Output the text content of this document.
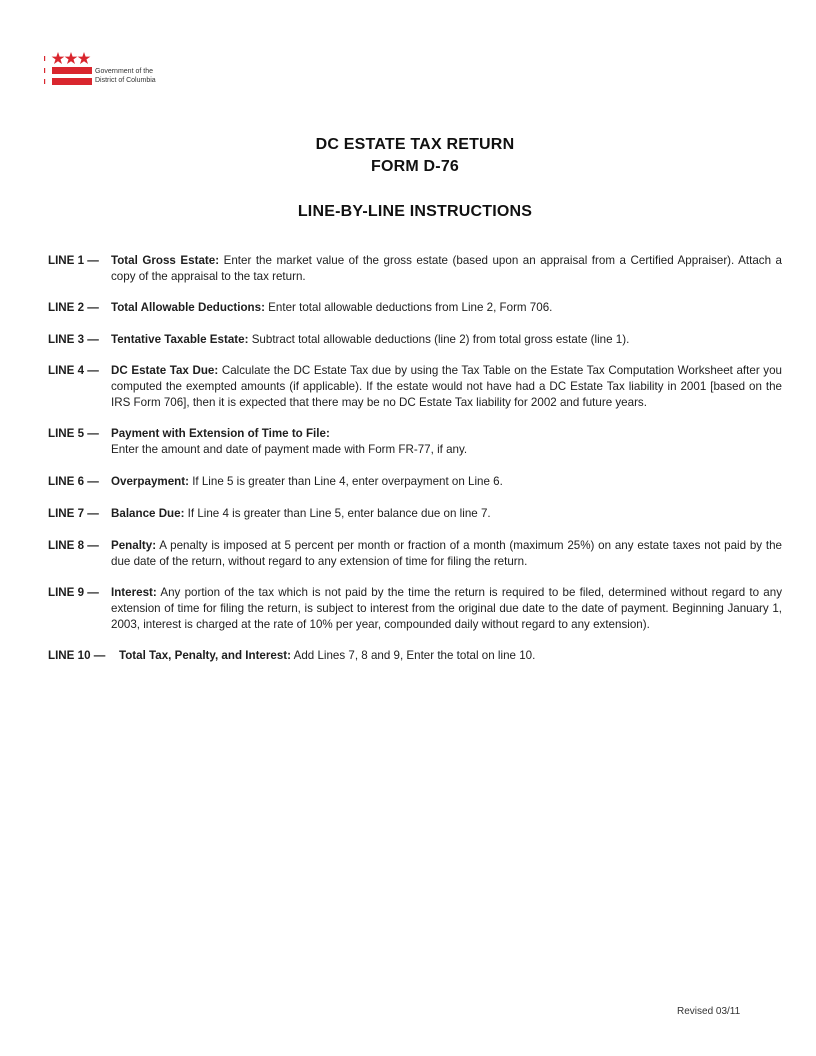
Government of the
District of Columbia
DC ESTATE TAX RETURN
FORM D-76
LINE-BY-LINE INSTRUCTIONS
LINE 1 — Total Gross Estate: Enter the market value of the gross estate (based upon an appraisal from a Certified Appraiser). Attach a copy of the appraisal to the tax return.
LINE 2 — Total Allowable Deductions: Enter total allowable deductions from Line 2, Form 706.
LINE 3 — Tentative Taxable Estate: Subtract total allowable deductions (line 2) from total gross estate (line 1).
LINE 4 — DC Estate Tax Due: Calculate the DC Estate Tax due by using the Tax Table on the Estate Tax Computation Worksheet after you computed the exempted amounts (if applicable). If the estate would not have had a DC Estate Tax liability in 2001 [based on the IRS Form 706], then it is expected that there may be no DC Estate Tax liability for 2002 and future years.
LINE 5 — Payment with Extension of Time to File:
Enter the amount and date of payment made with Form FR-77, if any.
LINE 6 — Overpayment: If Line 5 is greater than Line 4, enter overpayment on Line 6.
LINE 7 — Balance Due: If Line 4 is greater than Line 5, enter balance due on line 7.
LINE 8 — Penalty: A penalty is imposed at 5 percent per month or fraction of a month (maximum 25%) on any estate taxes not paid by the due date of the return, without regard to any extension of time for filing the return.
LINE 9 — Interest: Any portion of the tax which is not paid by the time the return is required to be filed, determined without regard to any extension of time for filing the return, is subject to interest from the original due date to the date of payment. Beginning January 1, 2003, interest is charged at the rate of 10% per year, compounded daily without regard to any extension).
LINE 10 — Total Tax, Penalty, and Interest: Add Lines 7, 8 and 9, Enter the total on line 10.
Revised 03/11
